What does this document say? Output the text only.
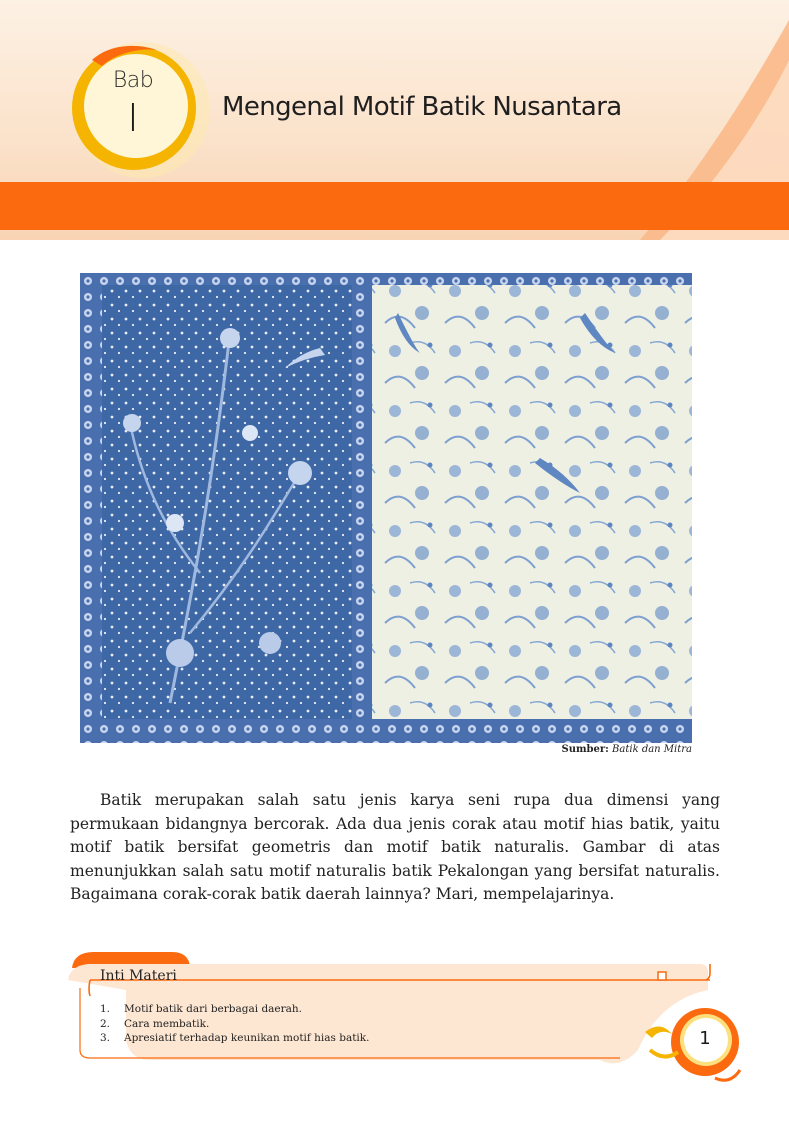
Bab
I	Mengenal Motif Batik Nusantara
Sumber: Batik dan Mitra

Batik merupakan salah satu jenis karya seni rupa dua dimensi yang permukaan bidangnya bercorak. Ada dua jenis corak atau motif hias batik, yaitu motif batik bersifat geometris dan motif batik naturalis. Gambar di atas menunjukkan salah satu motif naturalis batik Pekalongan yang bersifat naturalis. Bagaimana corak-corak batik daerah lainnya? Mari, mempelajarinya.

Inti Materi
1. Motif batik dari berbagai daerah.
2. Cara membatik.
3. Apresiatif terhadap keunikan motif hias batik.	1
